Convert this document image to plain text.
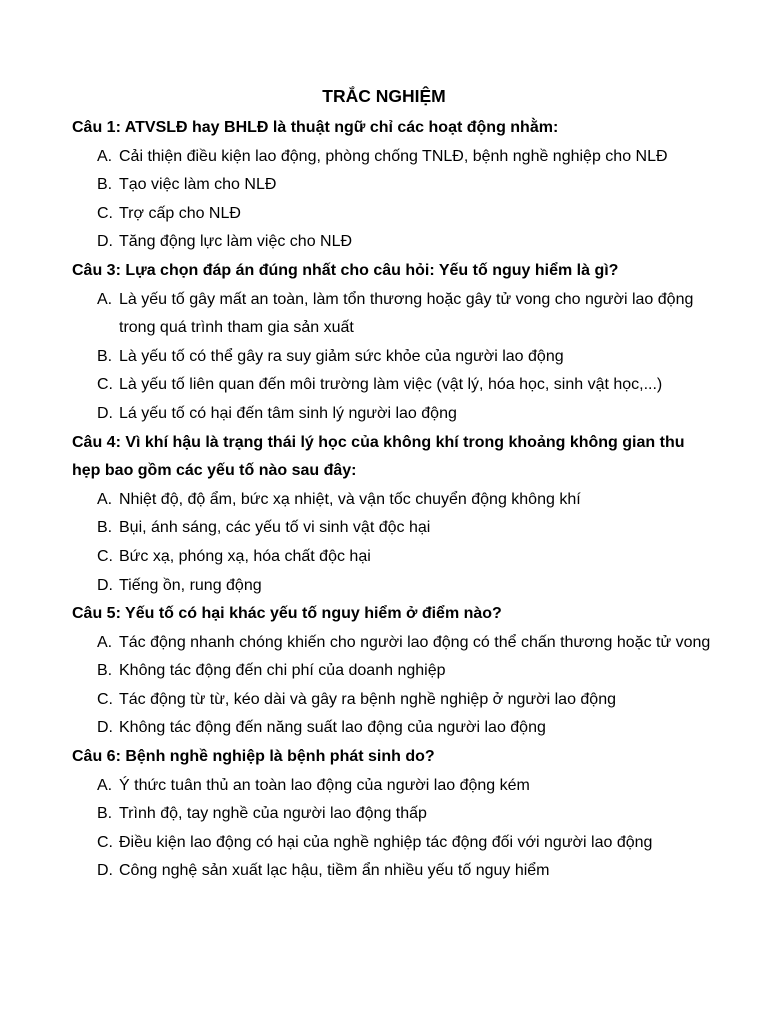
TRẮC NGHIỆM

Câu 1: ATVSLĐ hay BHLĐ là thuật ngữ chỉ các hoạt động nhằm:

A. Cải thiện điều kiện lao động, phòng chống TNLĐ, bệnh nghề nghiệp cho NLĐ
B. Tạo việc làm cho NLĐ
C. Trợ cấp cho NLĐ
D. Tăng động lực làm việc cho NLĐ

Câu 3: Lựa chọn đáp án đúng nhất cho câu hỏi: Yếu tố nguy hiểm là gì?

A. Là yếu tố gây mất an toàn, làm tổn thương hoặc gây tử vong cho người lao động trong quá trình tham gia sản xuất
B. Là yếu tố có thể gây ra suy giảm sức khỏe của người lao động
C. Là yếu tố liên quan đến môi trường làm việc (vật lý, hóa học, sinh vật học,...)
D. Lá yếu tố có hại đến tâm sinh lý người lao động

Câu 4: Vì khí hậu là trạng thái lý học của không khí trong khoảng không gian thu hẹp bao gồm các yếu tố nào sau đây:

A. Nhiệt độ, độ ẩm, bức xạ nhiệt, và vận tốc chuyển động không khí
B. Bụi, ánh sáng, các yếu tố vi sinh vật độc hại
C. Bức xạ, phóng xạ, hóa chất độc hại
D. Tiếng ồn, rung động

Câu 5: Yếu tố có hại khác yếu tố nguy hiểm ở điểm nào?

A. Tác động nhanh chóng khiến cho người lao động có thể chấn thương hoặc tử vong
B. Không tác động đến chi phí của doanh nghiệp
C. Tác động từ từ, kéo dài và gây ra bệnh nghề nghiệp ở người lao động
D. Không tác động đến năng suất lao động của người lao động

Câu 6: Bệnh nghề nghiệp là bệnh phát sinh do?

A. Ý thức tuân thủ an toàn lao động của người lao động kém
B. Trình độ, tay nghề của người lao động thấp
C. Điều kiện lao động có hại của nghề nghiệp tác động đối với người lao động
D. Công nghệ sản xuất lạc hậu, tiềm ẩn nhiều yếu tố nguy hiểm
